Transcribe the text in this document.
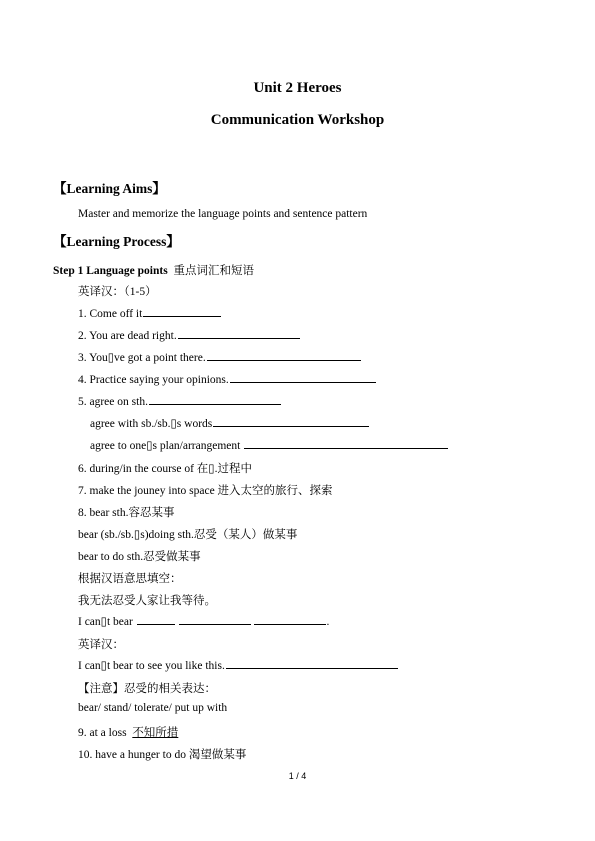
Unit 2 Heroes
Communication Workshop
【Learning Aims】
Master and memorize the language points and sentence pattern
【Learning Process】
Step 1 Language points 重点词汇和短语
英译汉：（1-5）
1. Come off it
2. You are dead right.
3. You▯ve got a point there.
4. Practice saying your opinions.
5. agree on sth.
agree with sb./sb.▯s words
agree to one▯s plan/arrangement
6. during/in the course of 在▯.过程中
7. make the jouney into space 进入太空的旅行、探索
8. bear sth.容忍某事
bear (sb./sb.▯s)doing sth.忍受（某人）做某事
bear to do sth.忍受做某事
根据汉语意思填空：
我无法忍受人家让我等待。
I can▯t bear	.
英译汉：
I can▯t bear to see you like this.
【注意】忍受的相关表达：
bear/ stand/ tolerate/ put up with
9. at a loss 不知所措
10. have a hunger to do 渴望做某事
1 / 4
